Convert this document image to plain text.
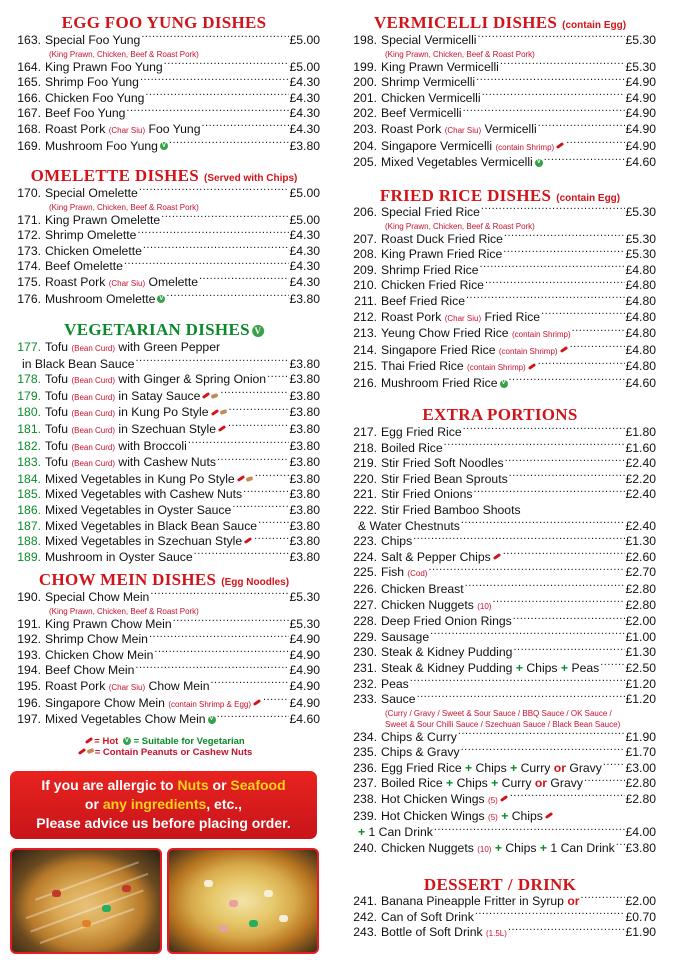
EGG FOO YUNG DISHES
163. Special Foo Yung .....	£5.00
(King Prawn, Chicken, Beef & Roast Pork)
164. King Prawn Foo Yung .....	£5.00
165. Shrimp Foo Yung .....	£4.30
166. Chicken Foo Yung .....	£4.30
167. Beef Foo Yung .....	£4.30
168. Roast Pork (Char Siu) Foo Yung .....	£4.30
169. Mushroom Foo Yung V .....	£3.80
OMELETTE DISHES (Served with Chips)
170. Special Omelette .....	£5.00
(King Prawn, Chicken, Beef & Roast Pork)
171. King Prawn Omelette .....	£5.00
172. Shrimp Omelette .....	£4.30
173. Chicken Omelette .....	£4.30
174. Beef Omelette .....	£4.30
175. Roast Pork (Char Siu) Omelette .....	£4.30
176. Mushroom Omelette V .....	£3.80
VEGETARIAN DISHES V
177. Tofu (Bean Curd) with Green Pepper
in Black Bean Sauce .....	£3.80
178. Tofu (Bean Curd) with Ginger & Spring Onion ..... £3.80
179. Tofu (Bean Curd) in Satay Sauce .....	£3.80
180. Tofu (Bean Curd) in Kung Po Style .....	£3.80
181. Tofu (Bean Curd) in Szechuan Style .....	£3.80
182. Tofu (Bean Curd) with Broccoli .....	£3.80
183. Tofu (Bean Curd) with Cashew Nuts .....	£3.80
184. Mixed Vegetables in Kung Po Style .....	£3.80
185. Mixed Vegetables with Cashew Nuts .....	£3.80
186. Mixed Vegetables in Oyster Sauce .....	£3.80
187. Mixed Vegetables in Black Bean Sauce .....	£3.80
188. Mixed Vegetables in Szechuan Style .....	£3.80
189. Mushroom in Oyster Sauce .....	£3.80
CHOW MEIN DISHES (Egg Noodles)
190. Special Chow Mein .....	£5.30
(King Prawn, Chicken, Beef & Roast Pork)
191. King Prawn Chow Mein .....	£5.30
192. Shrimp Chow Mein .....	£4.90
193. Chicken Chow Mein .....	£4.90
194. Beef Chow Mein .....	£4.90
195. Roast Pork (Char Siu) Chow Mein .....	£4.90
196. Singapore Chow Mein (contain Shrimp & Egg) .....	£4.90
197. Mixed Vegetables Chow Mein V .....	£4.60
= Hot V = Suitable for Vegetarian
= Contain Peanuts or Cashew Nuts
VERMICELLI DISHES (contain Egg)
198. Special Vermicelli .....	£5.30
(King Prawn, Chicken, Beef & Roast Pork)
199. King Prawn Vermicelli .....	£5.30
200. Shrimp Vermicelli .....	£4.90
201. Chicken Vermicelli .....	£4.90
202. Beef Vermicelli .....	£4.90
203. Roast Pork (Char Siu) Vermicelli .....	£4.90
204. Singapore Vermicelli (contain Shrimp) .....	£4.90
205. Mixed Vegetables Vermicelli V .....	£4.60
FRIED RICE DISHES (contain Egg)
206. Special Fried Rice .....	£5.30
(King Prawn, Chicken, Beef & Roast Pork)
207. Roast Duck Fried Rice .....	£5.30
208. King Prawn Fried Rice .....	£5.30
209. Shrimp Fried Rice .....	£4.80
210. Chicken Fried Rice .....	£4.80
211. Beef Fried Rice .....	£4.80
212. Roast Pork (Char Siu) Fried Rice .....	£4.80
213. Yeung Chow Fried Rice (contain Shrimp) .....	£4.80
214. Singapore Fried Rice (contain Shrimp) .....	£4.80
215. Thai Fried Rice (contain Shrimp) .....	£4.80
216. Mushroom Fried Rice V .....	£4.60
EXTRA PORTIONS
217. Egg Fried Rice .....	£1.80
218. Boiled Rice .....	£1.60
219. Stir Fried Soft Noodles .....	£2.40
220. Stir Fried Bean Sprouts .....	£2.20
221. Stir Fried Onions .....	£2.40
222. Stir Fried Bamboo Shoots
& Water Chestnuts .....	£2.40
223. Chips .....	£1.30
224. Salt & Pepper Chips .....	£2.60
225. Fish (Cod) .....	£2.70
226. Chicken Breast .....	£2.80
227. Chicken Nuggets (10) .....	£2.80
228. Deep Fried Onion Rings .....	£2.00
229. Sausage .....	£1.00
230. Steak & Kidney Pudding .....	£1.30
231. Steak & Kidney Pudding + Chips + Peas ..... £2.50
232. Peas .....	£1.20
233. Sauce .....	£1.20
(Curry / Gravy / Sweet & Sour Sauce / BBQ Sauce / OK Sauce /
Sweet & Sour Chilli Sauce / Szechuan Sauce / Black Bean Sauce)
234. Chips & Curry .....	£1.90
235. Chips & Gravy .....	£1.70
236. Egg Fried Rice + Chips + Curry or Gravy ..... £3.00
237. Boiled Rice + Chips + Curry or Gravy .....	£2.80
238. Hot Chicken Wings (5) .....	£2.80
239. Hot Chicken Wings (5) + Chips
+ 1 Can Drink .....	£4.00
240. Chicken Nuggets (10) + Chips + 1 Can Drink ..... £3.80
DESSERT / DRINK
241. Banana Pineapple Fritter in Syrup or .....	£2.00
242. Can of Soft Drink .....	£0.70
243. Bottle of Soft Drink (1.5L) .....	£1.90
If you are allergic to Nuts or Seafood
or any ingredients, etc.,
Please advice us before placing order.
